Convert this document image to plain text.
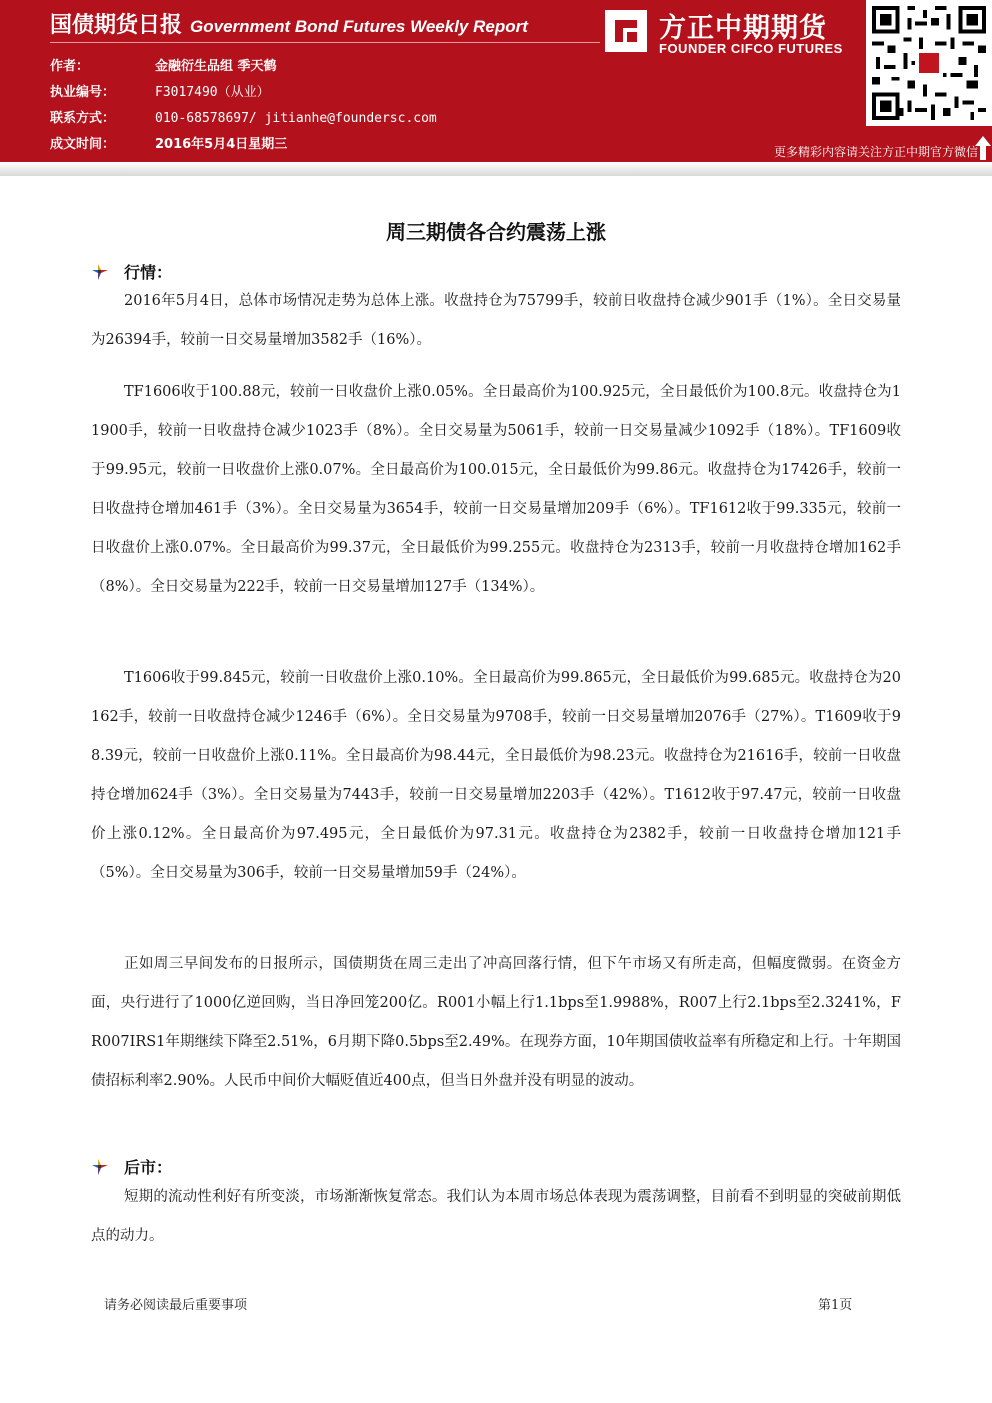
国债期货日报 Government Bond Futures Weekly Report
作者：	金融衍生品组 季天鹤
执业编号：	F3017490（从业）
联系方式：	010-68578697/ jitianhe@foundersc.com
成文时间：	2016年5月4日星期三
方正中期期货
FOUNDER CIFCO FUTURES
更多精彩内容请关注方正中期官方微信
周三期债各合约震荡上涨
行情：

2016年5月4日，总体市场情况走势为总体上涨。收盘持仓为75799手，较前日收盘持仓减少901手（1%）。全日交易量为26394手，较前一日交易量增加3582手（16%）。

TF1606收于100.88元，较前一日收盘价上涨0.05%。全日最高价为100.925元，全日最低价为100.8元。收盘持仓为11900手，较前一日收盘持仓减少1023手（8%）。全日交易量为5061手，较前一日交易量减少1092手（18%）。TF1609收于99.95元，较前一日收盘价上涨0.07%。全日最高价为100.015元，全日最低价为99.86元。收盘持仓为17426手，较前一日收盘持仓增加461手（3%）。全日交易量为3654手，较前一日交易量增加209手（6%）。TF1612收于99.335元，较前一日收盘价上涨0.07%。全日最高价为99.37元，全日最低价为99.255元。收盘持仓为2313手，较前一月收盘持仓增加162手（8%）。全日交易量为222手，较前一日交易量增加127手（134%）。

T1606收于99.845元，较前一日收盘价上涨0.10%。全日最高价为99.865元，全日最低价为99.685元。收盘持仓为20162手，较前一日收盘持仓减少1246手（6%）。全日交易量为9708手，较前一日交易量增加2076手（27%）。T1609收于98.39元，较前一日收盘价上涨0.11%。全日最高价为98.44元，全日最低价为98.23元。收盘持仓为21616手，较前一日收盘持仓增加624手（3%）。全日交易量为7443手，较前一日交易量增加2203手（42%）。T1612收于97.47元，较前一日收盘价上涨0.12%。全日最高价为97.495元，全日最低价为97.31元。收盘持仓为2382手，较前一日收盘持仓增加121手（5%）。全日交易量为306手，较前一日交易量增加59手（24%）。

正如周三早间发布的日报所示，国债期货在周三走出了冲高回落行情，但下午市场又有所走高，但幅度微弱。在资金方面，央行进行了1000亿逆回购，当日净回笼200亿。R001小幅上行1.1bps至1.9988%，R007上行2.1bps至2.3241%，FR007IRS1年期继续下降至2.51%，6月期下降0.5bps至2.49%。在现券方面，10年期国债收益率有所稳定和上行。十年期国债招标利率2.90%。人民币中间价大幅贬值近400点，但当日外盘并没有明显的波动。

后市：

短期的流动性利好有所变淡，市场渐渐恢复常态。我们认为本周市场总体表现为震荡调整，目前看不到明显的突破前期低点的动力。

请务必阅读最后重要事项	第1页
